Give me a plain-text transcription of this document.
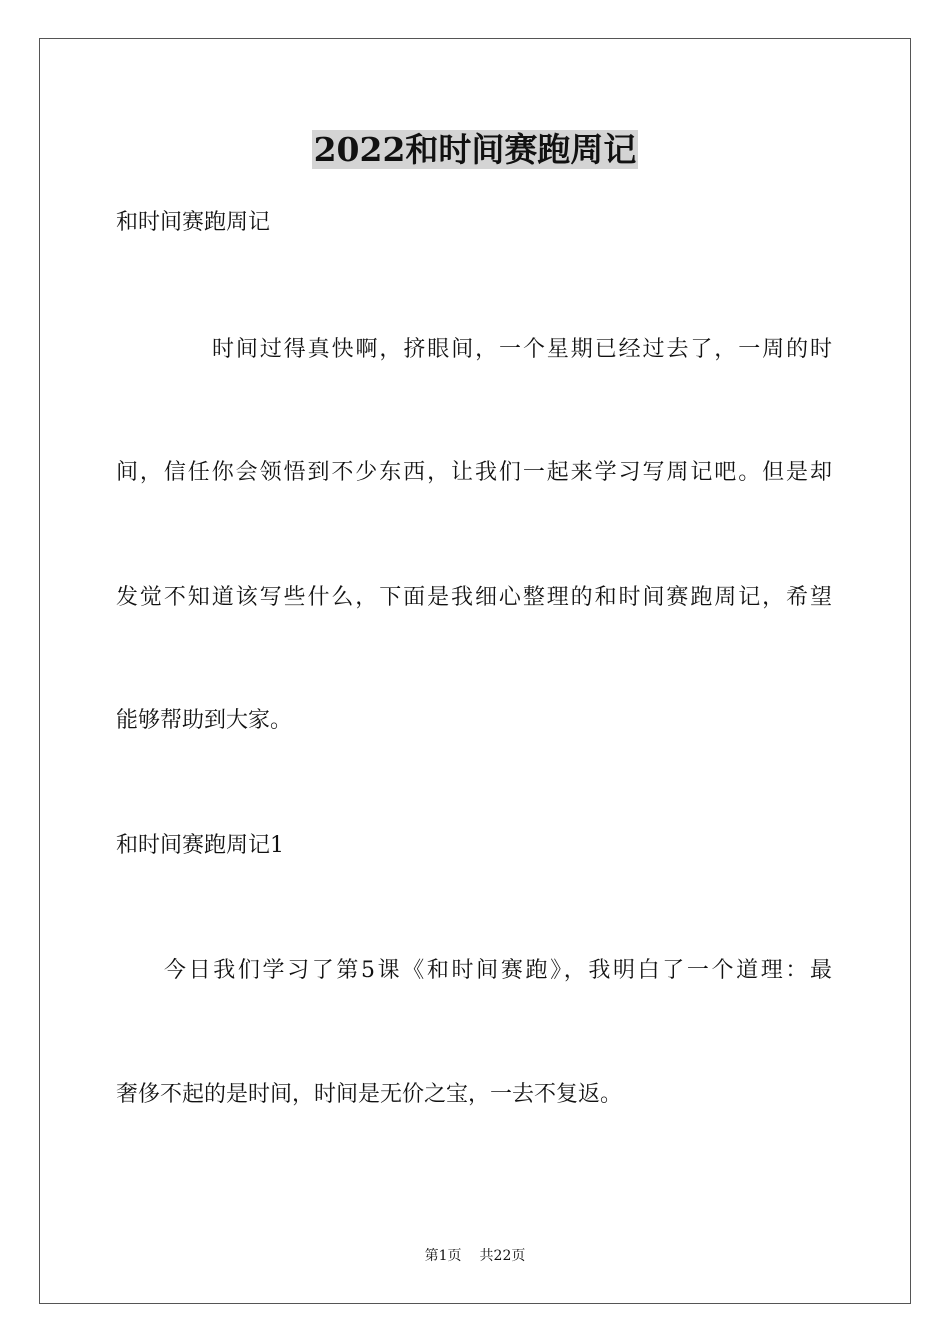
2022和时间赛跑周记

和时间赛跑周记

时间过得真快啊，挤眼间，一个星期已经过去了，一周的时

间，信任你会领悟到不少东西，让我们一起来学习写周记吧。但是却

发觉不知道该写些什么，下面是我细心整理的和时间赛跑周记，希望

能够帮助到大家。

和时间赛跑周记1

今日我们学习了第5课《和时间赛跑》，我明白了一个道理：最

奢侈不起的是时间，时间是无价之宝，一去不复返。

第1页 共22页
